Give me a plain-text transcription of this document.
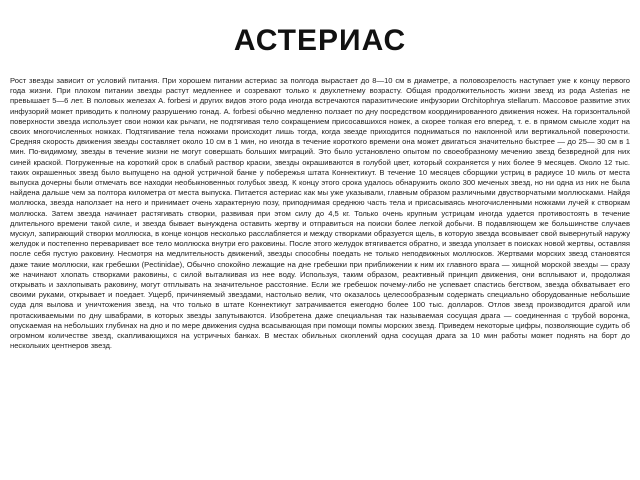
АСТЕРИАС

Рост звезды зависит от условий питания. При хорошем питании астериас за полгода вырастает до 8—10 см в диаметре, а половозрелость наступает уже к концу первого года жизни. При плохом питании звезды растут медленнее и созревают только к двухлетнему возрасту. Общая продолжительность жизни звезд из рода Asterias не превышает 5—6 лет. В половых железах A. forbesi и других видов этого рода иногда встречаются паразитические инфузории Orchitophrya stellarum. Массовое развитие этих инфузорий может приводить к полному разрушению гонад. A. forbesi обычно медленно ползает по дну посредством координированного движения ножек. На горизонтальной поверхности звезда использует свои ножки как рычаги, не подтягивая тело сокращением присосавшихся ножек, а скорее толкая его вперед, т. е. в прямом смысле ходит на своих многочисленных ножках. Подтягивание тела ножками происходит лишь тогда, когда звезде приходится подниматься по наклонной или вертикальной поверхности. Средняя скорость движения звезды составляет около 10 см в 1 мин, но иногда в течение короткого времени она может двигаться значительно быстрее — до 25— 30 см в 1 мин. По-видимому, звезды в течение жизни не могут совершать больших миграций. Это было установлено опытом по своеобразному мечению звезд безвредной для них синей краской. Погруженные на короткий срок в слабый раствор краски, звезды окрашиваются в голубой цвет, который сохраняется у них более 9 месяцев. Около 12 тыс. таких окрашенных звезд было выпущено на одной устричной банке у побережья штата Коннектикут. В течение 10 месяцев сборщики устриц в радиусе 10 миль от места выпуска дочерны были отмечать все находки необыкновенных голубых звезд. К концу этого срока удалось обнаружить около 300 меченых звезд, но ни одна из них не была найдена дальше чем за полтора километра от места выпуска. Питается астериас как мы уже указывали, главным образом различными двустворчатыми моллюсками. Найдя моллюска, звезда наползает на него и принимает очень характерную позу, приподнимая среднюю часть тела и присасываясь многочисленными ножками лучей к створкам моллюска. Затем звезда начинает растягивать створки, развивая при этом силу до 4,5 кг. Только очень крупным устрицам иногда удается противостоять в течение длительного времени такой силе, и звезда бывает вынуждена оставить жертву и отправиться на поиски более легкой добычи. В подавляющем же большинстве случаев мускул, запирающий створки моллюска, в конце концов несколько расслабляется и между створками образуется щель, в которую звезда всовывает свой вывернутый наружу желудок и постепенно переваривает все тело моллюска внутри его раковины. После этого желудок втягивается обратно, и звезда уползает в поисках новой жертвы, оставляя после себя пустую раковину. Несмотря на медлительность движений, звезды способны поедать не только неподвижных моллюсков. Жертвами морских звезд становятся даже такие моллюски, как гребешки (Pectinidae), Обычно спокойно лежащие на дне гребешки при приближении к ним их главного врага — хищной морской звезды — сразу же начинают хлопать створками раковины, с силой выталкивая из нее воду. Используя, таким образом, реактивный принцип движения, они всплывают и, продолжая открывать и захлопывать раковину, могут отплывать на значительное расстояние. Если же гребешок почему-либо не успевает спастись бегством, звезда обхватывает его своими руками, открывает и поедает. Ущерб, причиняемый звездами, настолько велик, что оказалось целесообразным содержать специально оборудованные небольшие суда для вылова и уничтожения звезд, на что только в штате Коннектикут затрачивается ежегодно более 100 тыс. долларов. Отлов звезд производится драгой или протаскиваемыми по дну швабрами, в которых звезды запутываются. Изобретена даже специальная так называемая сосущая драга — соединенная с трубой воронка, опускаемая на небольших глубинах на дно и по мере движения судна всасывающая при помощи помпы морских звезд. Приведем некоторые цифры, позволяющие судить об огромном количестве звезд, скапливающихся на устричных банках. В местах обильных скоплений одна сосущая драга за 10 мин работы может поднять на борт до нескольких центнеров звезд.
